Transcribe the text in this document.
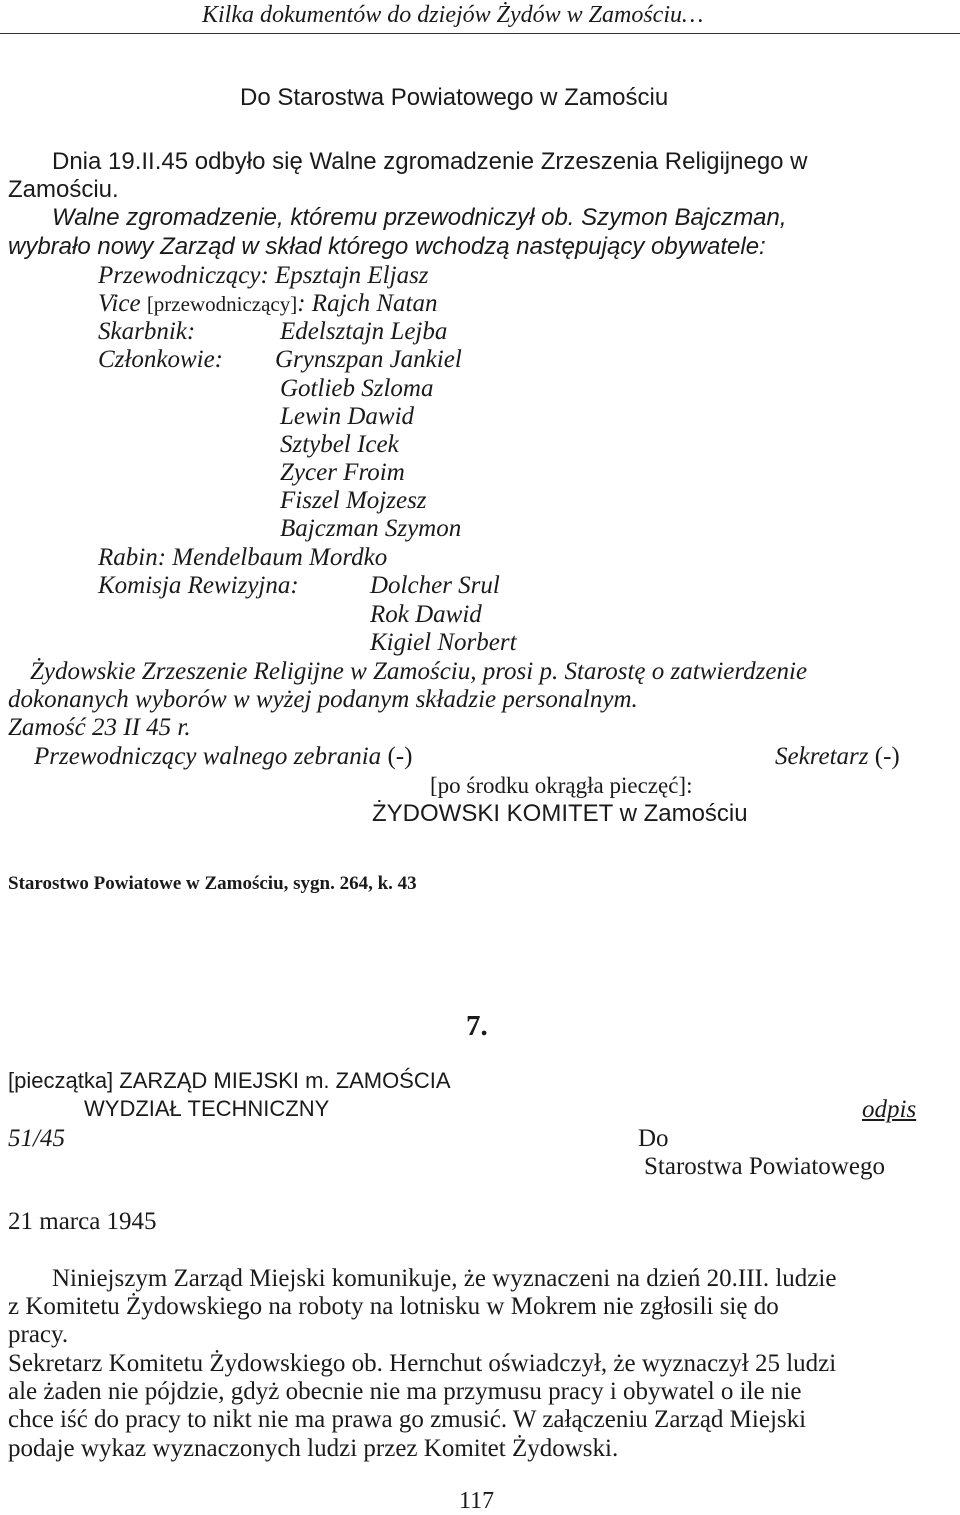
Kilka dokumentów do dziejów Żydów w Zamościu…
Do Starostwa Powiatowego w Zamościu
Dnia 19.II.45 odbyło się Walne zgromadzenie Zrzeszenia Religijnego w
Zamościu.
Walne zgromadzenie, któremu przewodniczył ob. Szymon Bajczman,
wybrało nowy Zarząd w skład którego wchodzą następujący obywatele:
Przewodniczący: Epsztajn Eljasz
Vice [przewodniczący]: Rajch Natan
Skarbnik:	Edelsztajn Lejba
Członkowie: Grynszpan Jankiel
Gotlieb Szloma
Lewin Dawid
Sztybel Icek
Zycer Froim
Fiszel Mojzesz
Bajczman Szymon
Rabin: Mendelbaum Mordko
Komisja Rewizyjna:	Dolcher Srul
Rok Dawid
Kigiel Norbert
Żydowskie Zrzeszenie Religijne w Zamościu, prosi p. Starostę o zatwierdzenie
dokonanych wyborów w wyżej podanym składzie personalnym.
Zamość 23 II 45 r.
Przewodniczący walnego zebrania (-)	Sekretarz (-)
[po środku okrągła pieczęć]:
ŻYDOWSKI KOMITET w Zamościu
Starostwo Powiatowe w Zamościu, sygn. 264, k. 43
7.
[pieczątka] ZARZĄD MIEJSKI m. ZAMOŚCIA
WYDZIAŁ TECHNICZNY	odpis
51/45	Do
Starostwa Powiatowego
21 marca 1945
Niniejszym Zarząd Miejski komunikuje, że wyznaczeni na dzień 20.III. ludzie
z Komitetu Żydowskiego na roboty na lotnisku w Mokrem nie zgłosili się do
pracy.
Sekretarz Komitetu Żydowskiego ob. Hernchut oświadczył, że wyznaczył 25 ludzi
ale żaden nie pójdzie, gdyż obecnie nie ma przymusu pracy i obywatel o ile nie
chce iść do pracy to nikt nie ma prawa go zmusić. W załączeniu Zarząd Miejski
podaje wykaz wyznaczonych ludzi przez Komitet Żydowski.
117
